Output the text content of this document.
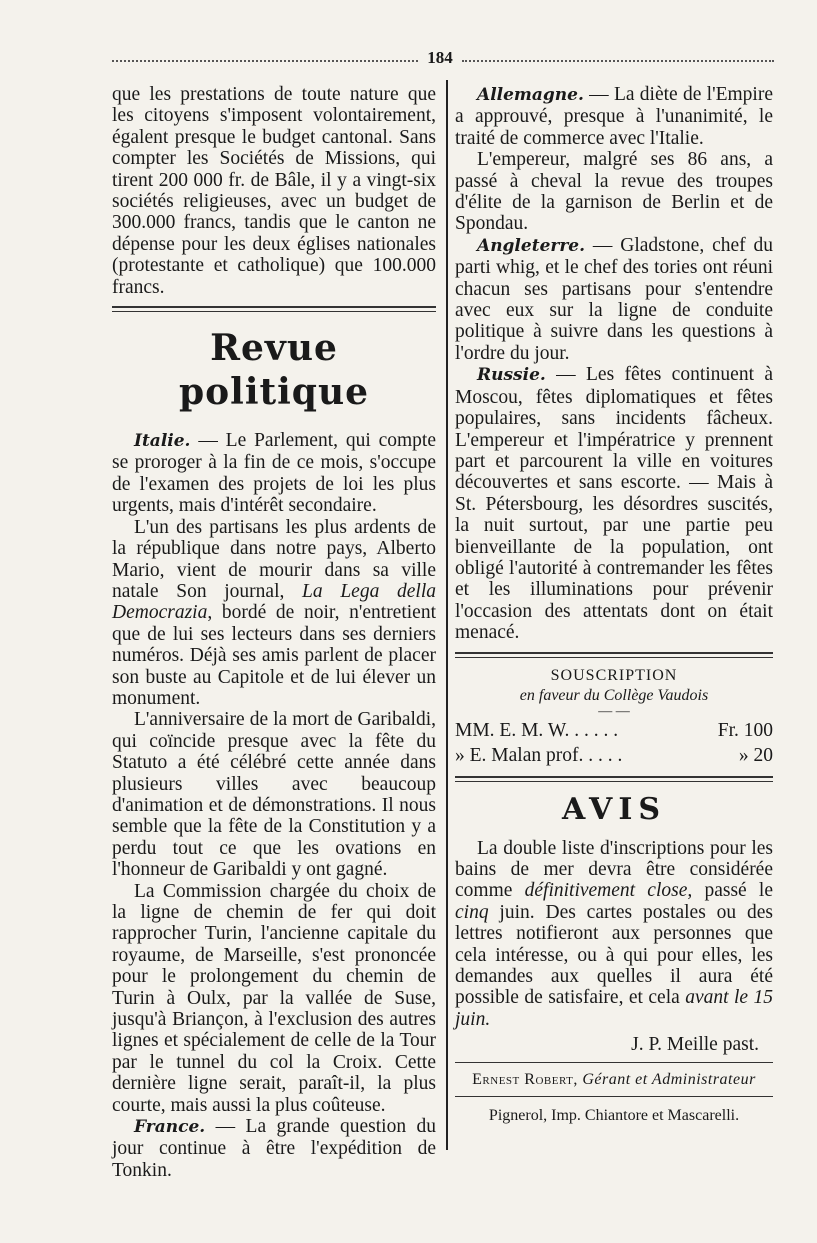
184

que les prestations de toute nature que les citoyens s'imposent volontairement, égalent presque le budget cantonal. Sans compter les Sociétés de Missions, qui tirent 200 000 fr. de Bâle, il y a vingt-six sociétés religieuses, avec un budget de 300.000 francs, tandis que le canton ne dépense pour les deux églises nationales (protestante et catholique) que 100.000 francs.

Revue politique

Italie. — Le Parlement, qui compte se proroger à la fin de ce mois, s'occupe de l'examen des projets de loi les plus urgents, mais d'intérêt secondaire.

L'un des partisans les plus ardents de la république dans notre pays, Alberto Mario, vient de mourir dans sa ville natale Son journal, La Lega della Democrazia, bordé de noir, n'entretient que de lui ses lecteurs dans ses derniers numéros. Déjà ses amis parlent de placer son buste au Capitole et de lui élever un monument.

L'anniversaire de la mort de Garibaldi, qui coïncide presque avec la fête du Statuto a été célébré cette année dans plusieurs villes avec beaucoup d'animation et de démonstrations. Il nous semble que la fête de la Constitution y a perdu tout ce que les ovations en l'honneur de Garibaldi y ont gagné.

La Commission chargée du choix de la ligne de chemin de fer qui doit rapprocher Turin, l'ancienne capitale du royaume, de Marseille, s'est prononcée pour le prolongement du chemin de Turin à Oulx, par la vallée de Suse, jusqu'à Briançon, à l'exclusion des autres lignes et spécialement de celle de la Tour par le tunnel du col la Croix. Cette dernière ligne serait, paraît-il, la plus courte, mais aussi la plus coûteuse.

France. — La grande question du jour continue à être l'expédition de Tonkin.

Allemagne. — La diète de l'Empire a approuvé, presque à l'unanimité, le traité de commerce avec l'Italie.

L'empereur, malgré ses 86 ans, a passé à cheval la revue des troupes d'élite de la garnison de Berlin et de Spondau.

Angleterre. — Gladstone, chef du parti whig, et le chef des tories ont réuni chacun ses partisans pour s'entendre avec eux sur la ligne de conduite politique à suivre dans les questions à l'ordre du jour.

Russie. — Les fêtes continuent à Moscou, fêtes diplomatiques et fêtes populaires, sans incidents fâcheux. L'empereur et l'impératrice y prennent part et parcourent la ville en voitures découvertes et sans escorte. — Mais à St. Pétersbourg, les désordres suscités, la nuit surtout, par une partie peu bienveillante de la population, ont obligé l'autorité à contremander les fêtes et les illuminations pour prévenir l'occasion des attentats dont on était menacé.

SOUSCRIPTION
en faveur du Collège Vaudois
— —
MM. E. M. W. . . . . .	Fr. 100
» E. Malan prof. . . . .	» 20
AVIS

La double liste d'inscriptions pour les bains de mer devra être considérée comme définitivement close, passé le cinq juin. Des cartes postales ou des lettres notifieront aux personnes que cela intéresse, ou à qui pour elles, les demandes aux quelles il aura été possible de satisfaire, et cela avant le 15 juin.

J. P. Meille past.

Ernest Robert, Gérant et Administrateur

Pignerol, Imp. Chiantore et Mascarelli.
